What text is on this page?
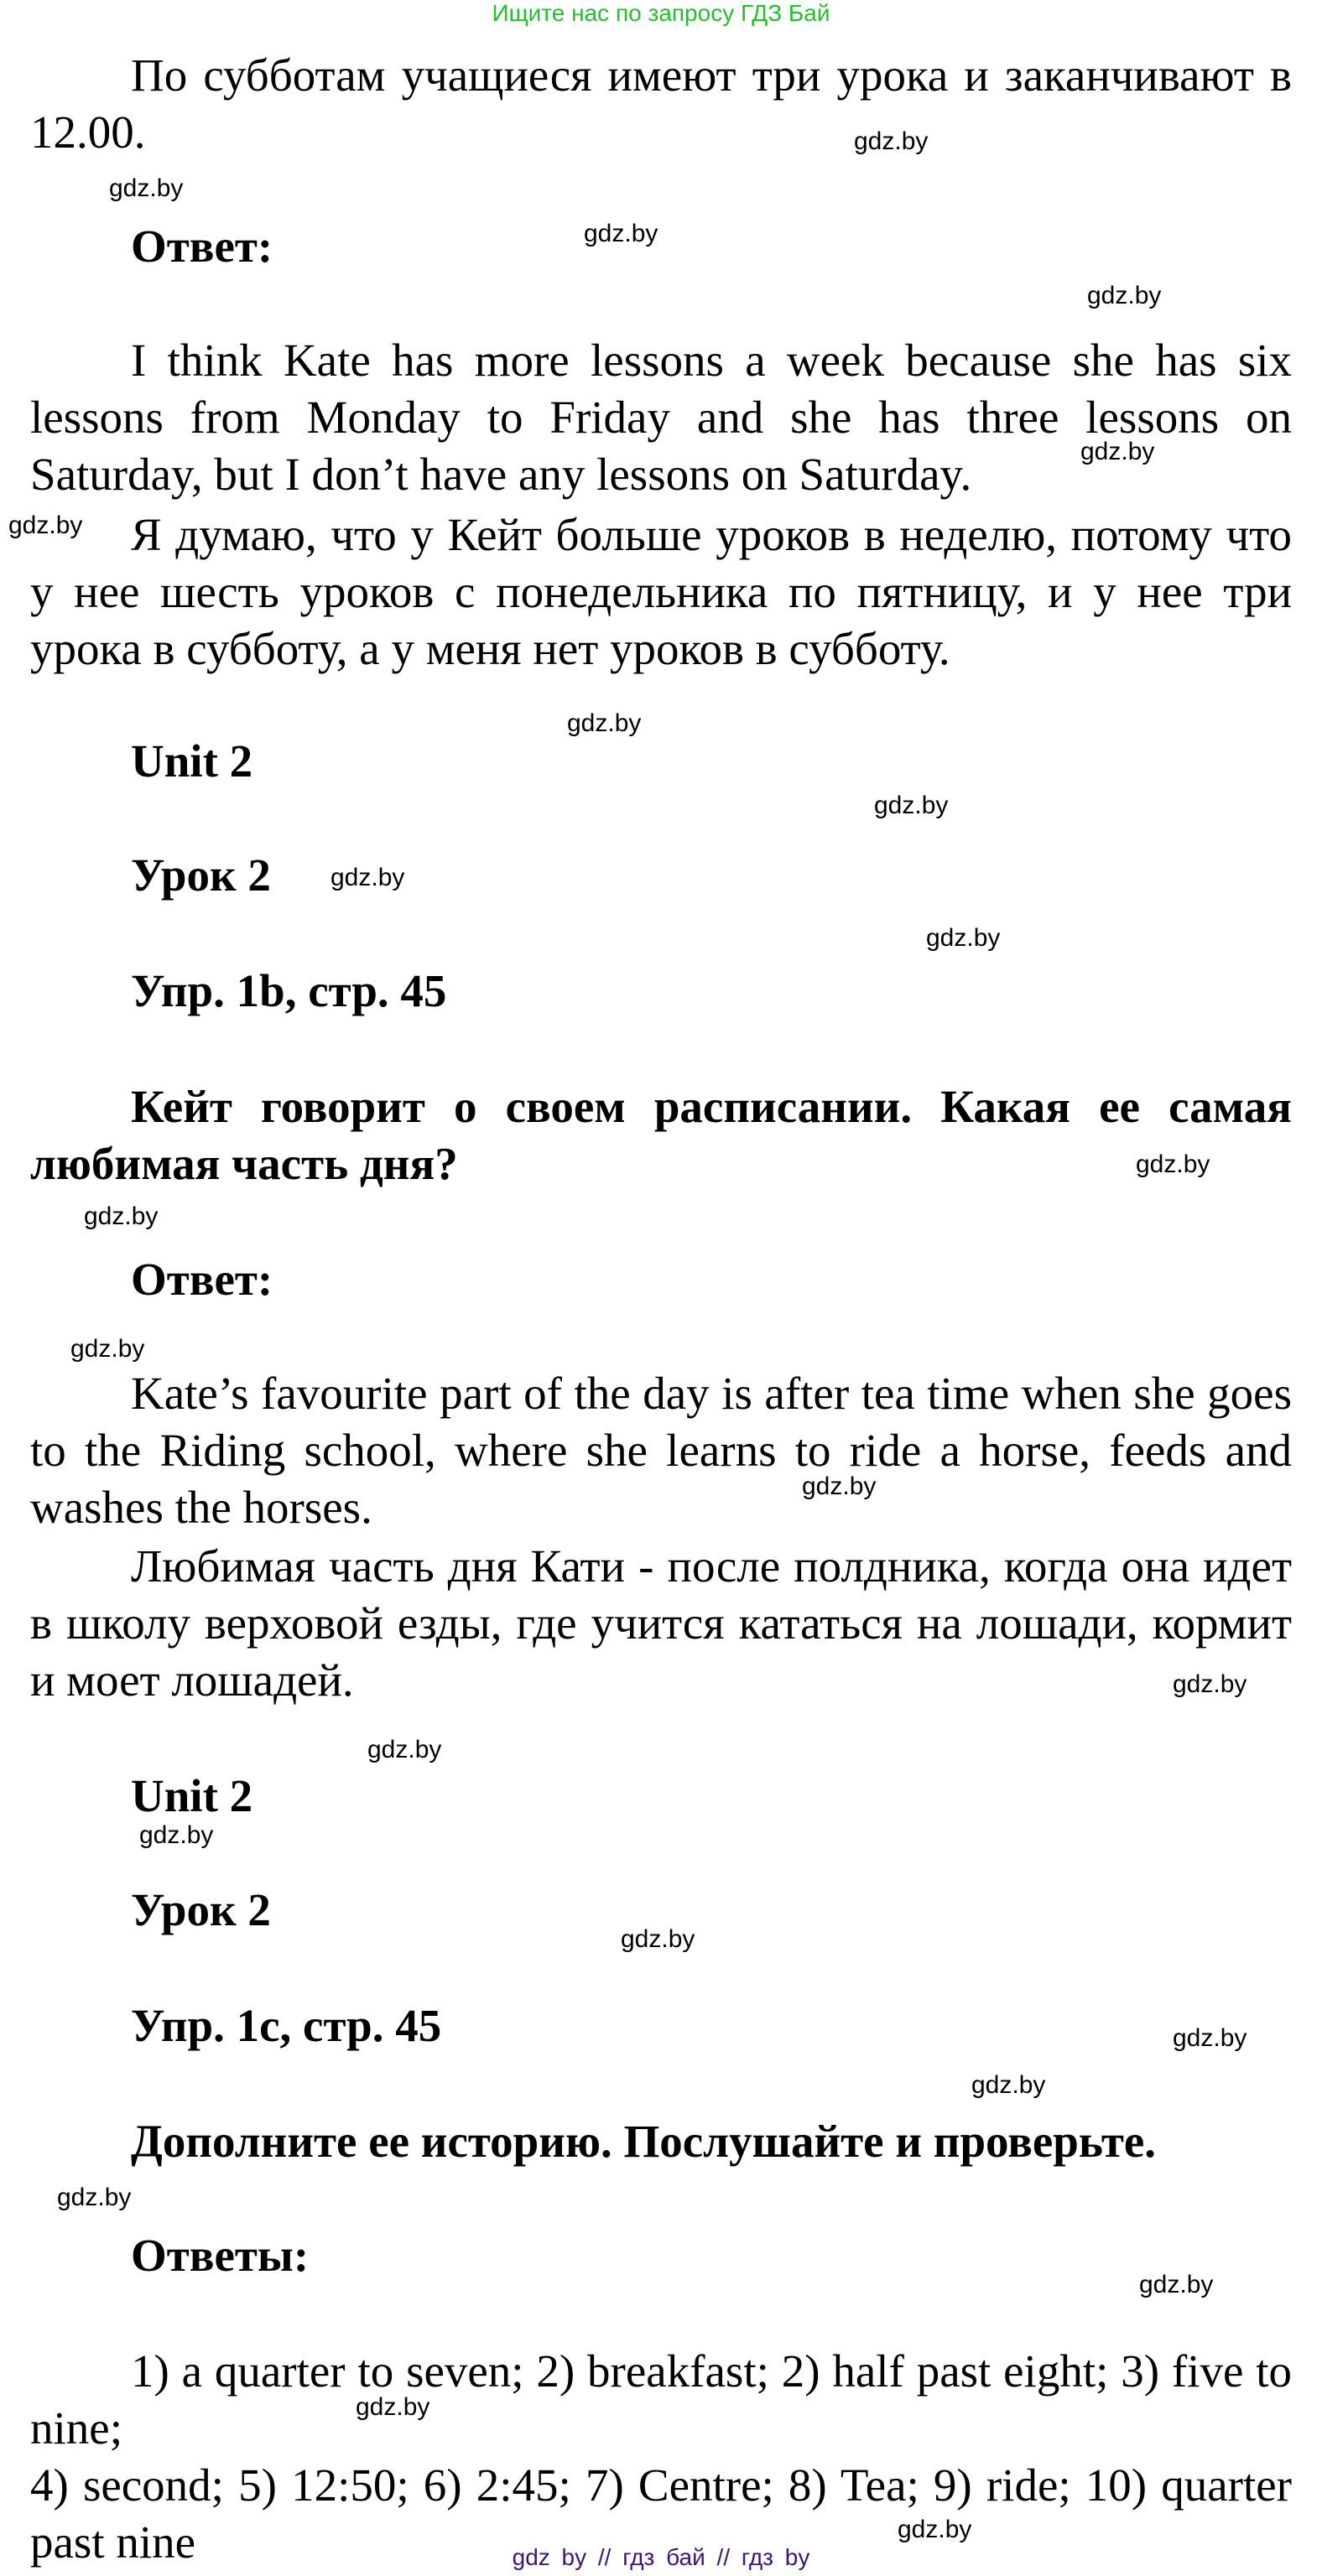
Ищите нас по запросу ГДЗ Бай
По субботам учащиеся имеют три урока и заканчивают в 12.00.
Ответ:
I think Kate has more lessons a week because she has six lessons from Monday to Friday and she has three lessons on Saturday, but I don’t have any lessons on Saturday.
Я думаю, что у Кейт больше уроков в неделю, потому что у нее шесть уроков с понедельника по пятницу, и у нее три урока в субботу, а у меня нет уроков в субботу.
Unit 2
Урок 2
Упр. 1b, стр. 45
Кейт говорит о своем расписании. Какая ее самая любимая часть дня?
Ответ:
Kate’s favourite part of the day is after tea time when she goes to the Riding school, where she learns to ride a horse, feeds and washes the horses.
Любимая часть дня Кати - после полдника, когда она идет в школу верховой езды, где учится кататься на лошади, кормит и моет лошадей.
Unit 2
Урок 2
Упр. 1c, стр. 45
Дополните ее историю. Послушайте и проверьте.
Ответы:
1) a quarter to seven; 2) breakfast; 2) half past eight; 3) five to nine;
4) second; 5) 12:50; 6) 2:45; 7) Centre; 8) Tea; 9) ride; 10) quarter past nine
gdz.by
gdz.by
gdz.by
gdz.by
gdz.by
gdz.by
gdz.by
gdz.by
gdz.by
gdz.by
gdz.by
gdz.by
gdz.by
gdz.by
gdz.by
gdz.by
gdz.by
gdz.by
gdz.by
gdz.by
gdz.by
gdz.by
gdz.by
gdz.by
gdz by // гдз бай // гдз by
